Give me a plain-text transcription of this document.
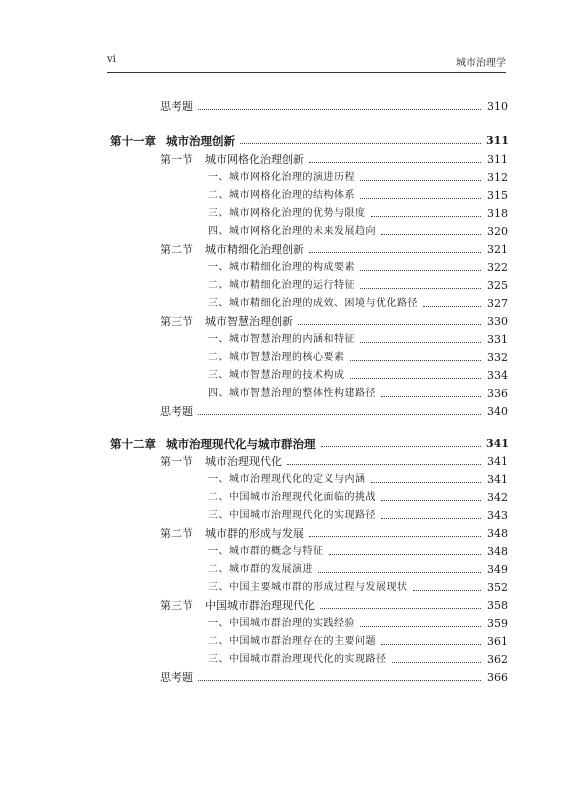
vi	城市治理学
思考题	310
第十一章 城市治理创新	311
第一节 城市网格化治理创新	311
一、城市网格化治理的演进历程	312
二、城市网格化治理的结构体系	315
三、城市网格化治理的优势与限度	318
四、城市网格化治理的未来发展趋向	320
第二节 城市精细化治理创新	321
一、城市精细化治理的构成要素	322
二、城市精细化治理的运行特征	325
三、城市精细化治理的成效、困境与优化路径	327
第三节 城市智慧治理创新	330
一、城市智慧治理的内涵和特征	331
二、城市智慧治理的核心要素	332
三、城市智慧治理的技术构成	334
四、城市智慧治理的整体性构建路径	336
思考题	340
第十二章 城市治理现代化与城市群治理	341
第一节 城市治理现代化	341
一、城市治理现代化的定义与内涵	341
二、中国城市治理现代化面临的挑战	342
三、中国城市治理现代化的实现路径	343
第二节 城市群的形成与发展	348
一、城市群的概念与特征	348
二、城市群的发展演进	349
三、中国主要城市群的形成过程与发展现状	352
第三节 中国城市群治理现代化	358
一、中国城市群治理的实践经验	359
二、中国城市群治理存在的主要问题	361
三、中国城市群治理现代化的实现路径	362
思考题	366
